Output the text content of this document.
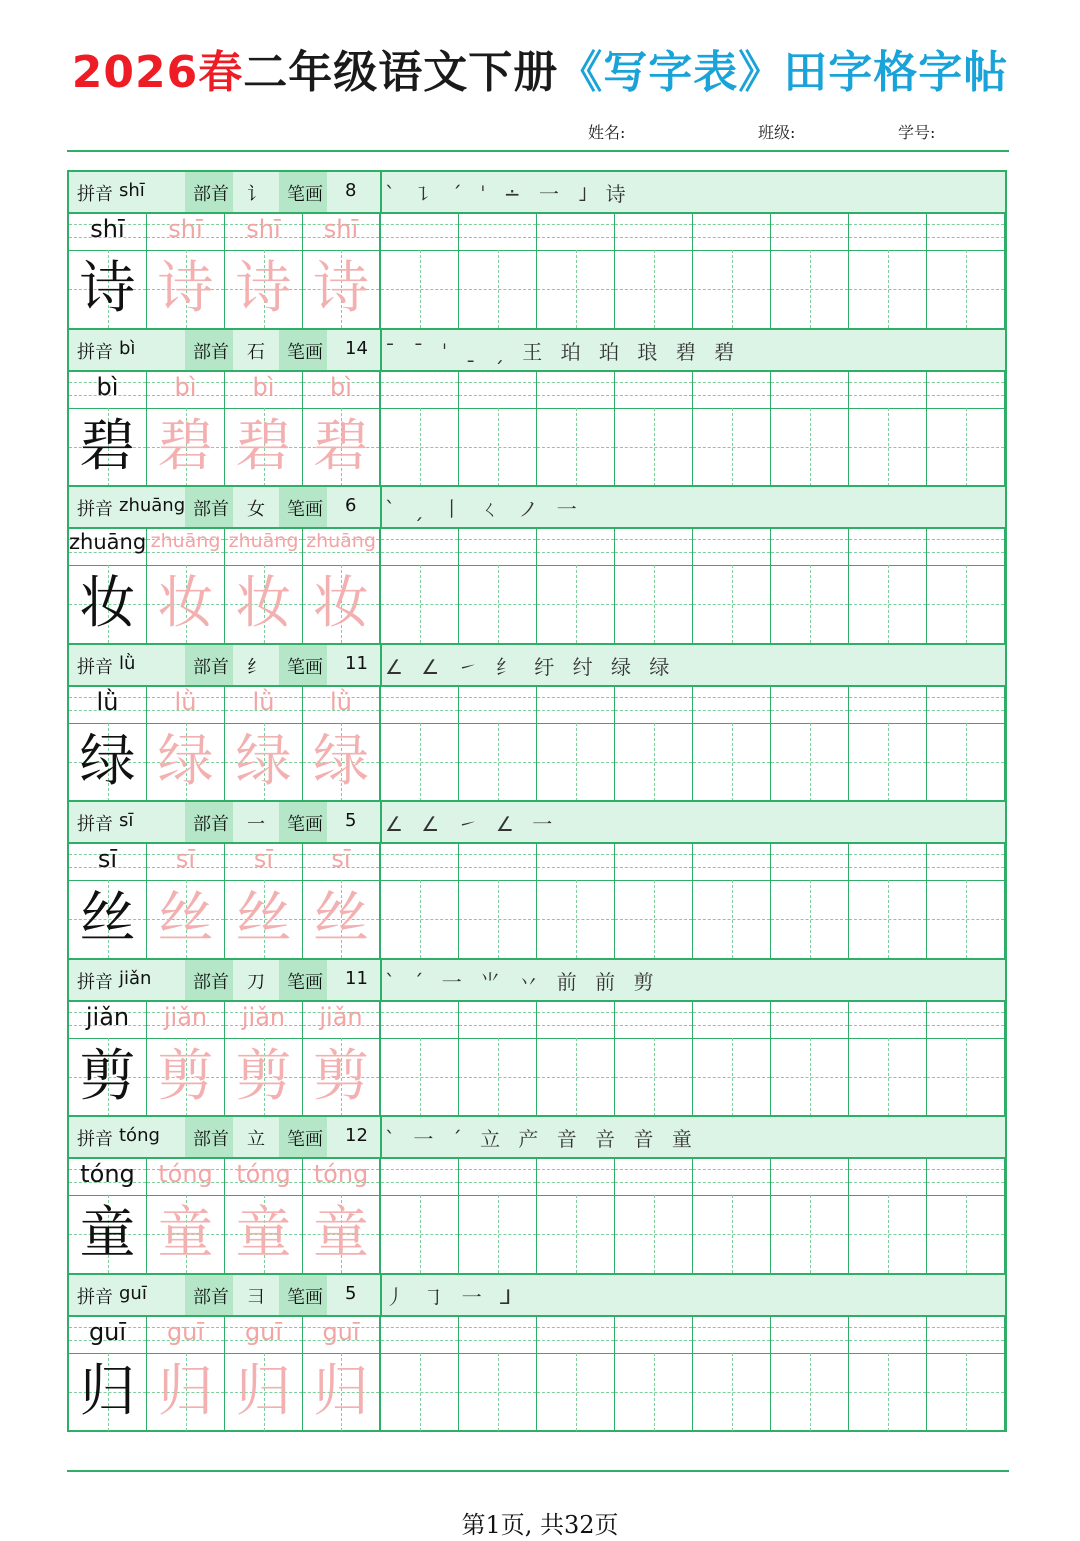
2026春二年级语文下册《写字表》田字格字帖
姓名:	班级:	学号:
拼音 shī	部首 讠 笔画 8 ˋ ㇊ ˊ ˈ ∸ 一 ˩ 诗
shī	shī	shī	shī
诗 诗 诗 诗
拼音 bì	部首 石 笔画 14 ˉ ˉ ˈ ˍ ˏ 王 珀 珀 琅 碧 碧
bì	bì	bì	bì
碧 碧 碧 碧
拼音 zhuāng 部首 女 笔画 6 ˋ ˏ 丨 ㄑ ノ 一
zhuāng zhuāng zhuāng zhuāng
妆 妆 妆 妆
拼音 lǜ	部首 纟 笔画 11 ∠ ∠ ㇀ 纟 纡 纣 绿 绿
lǜ	lǜ	lǜ	lǜ
绿 绿 绿 绿
拼音 sī	部首 一 笔画 5 ∠ ∠ ㇀ ∠ 一
sī	sī	sī	sī
丝 丝 丝 丝
拼音 jiǎn 部首 刀 笔画 11 ˋ ˊ 一 ⺌ 丷 前 前 剪
jiǎn	jiǎn	jiǎn	jiǎn
剪 剪 剪 剪
拼音 tóng 部首 立 笔画 12 ˋ 一 ˊ 立 产 音 咅 音 童
tóng tóng tóng tóng
童 童 童 童
拼音 guī	部首 彐 笔画 5 丿 ㇆ 一 ⅃
guī	guī	guī	guī
归 归 归 归
第1页, 共32页
